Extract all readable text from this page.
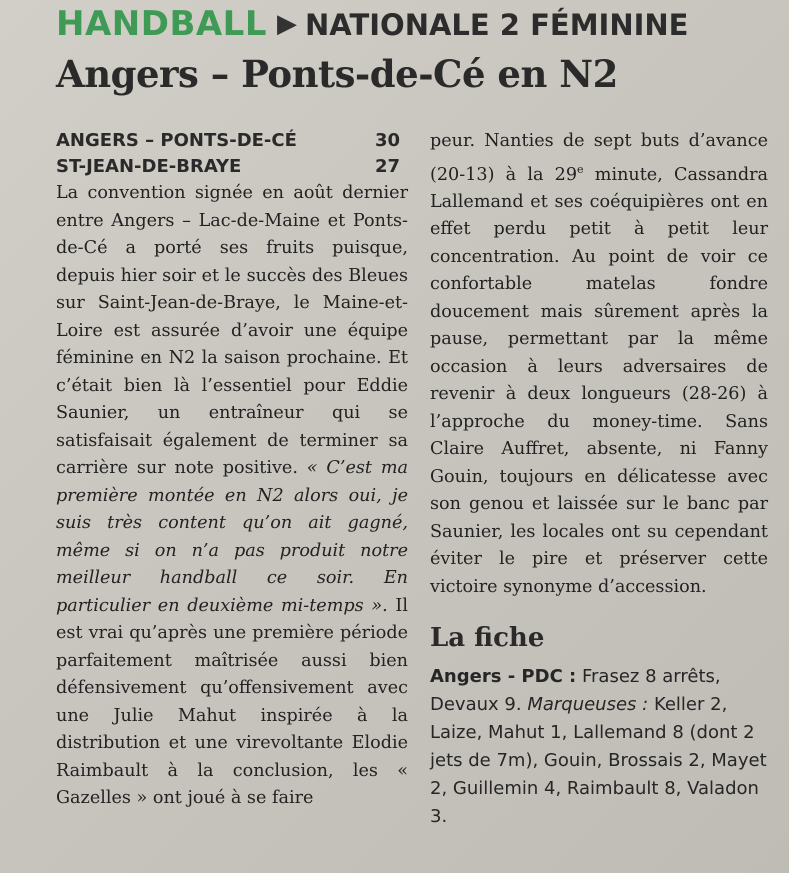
HANDBALL ▶ NATIONALE 2 FÉMININE
Angers – Ponts-de-Cé en N2
ANGERS – PONTS-DE-CÉ	30
ST-JEAN-DE-BRAYE	27

La convention signée en août dernier entre Angers – Lac-de-Maine et Ponts-de-Cé a porté ses fruits puisque, depuis hier soir et le succès des Bleues sur Saint-Jean-de-Braye, le Maine-et-Loire est assurée d’avoir une équipe féminine en N2 la saison prochaine. Et c’était bien là l’essentiel pour Eddie Saunier, un entraîneur qui se satisfaisait également de terminer sa carrière sur note positive. « C’est ma première montée en N2 alors oui, je suis très content qu’on ait gagné, même si on n’a pas produit notre meilleur handball ce soir. En particulier en deuxième mi-temps ». Il est vrai qu’après une première période parfaitement maîtrisée aussi bien défensivement qu’offensivement avec une Julie Mahut inspirée à la distribution et une virevoltante Elodie Raimbault à la conclusion, les « Gazelles » ont joué à se faire

peur. Nanties de sept buts d’avance (20-13) à la 29e minute, Cassandra Lallemand et ses coéquipières ont en effet perdu petit à petit leur concentration. Au point de voir ce confortable matelas fondre doucement mais sûrement après la pause, permettant par la même occasion à leurs adversaires de revenir à deux longueurs (28-26) à l’approche du money-time. Sans Claire Auffret, absente, ni Fanny Gouin, toujours en délicatesse avec son genou et laissée sur le banc par Saunier, les locales ont su cependant éviter le pire et préserver cette victoire synonyme d’accession.

La fiche
Angers - PDC : Frasez 8 arrêts, Devaux 9. Marqueuses : Keller 2, Laize, Mahut 1, Lallemand 8 (dont 2 jets de 7m), Gouin, Brossais 2, Mayet 2, Guillemin 4, Raimbault 8, Valadon 3.
